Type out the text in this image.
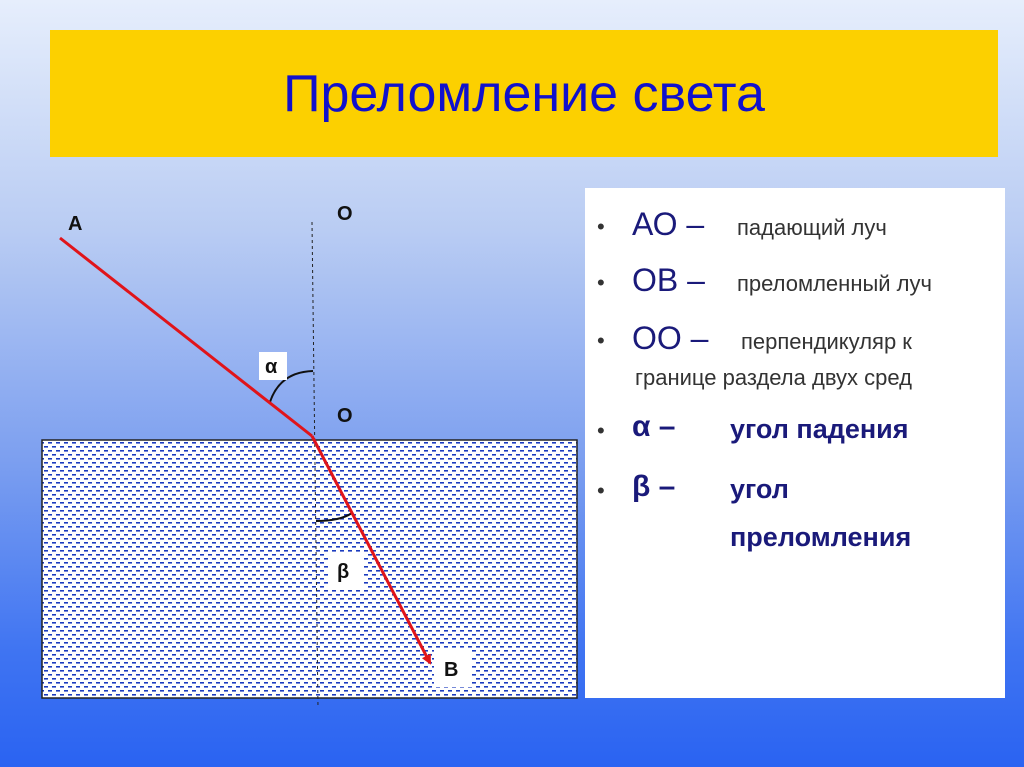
Преломление света
А	О
О
α
β
В
• АО – падающий луч
• ОВ – преломленный луч
• ОО – перпендикуляр к
границе раздела двух сред
• α – угол падения
• β – угол
преломления
